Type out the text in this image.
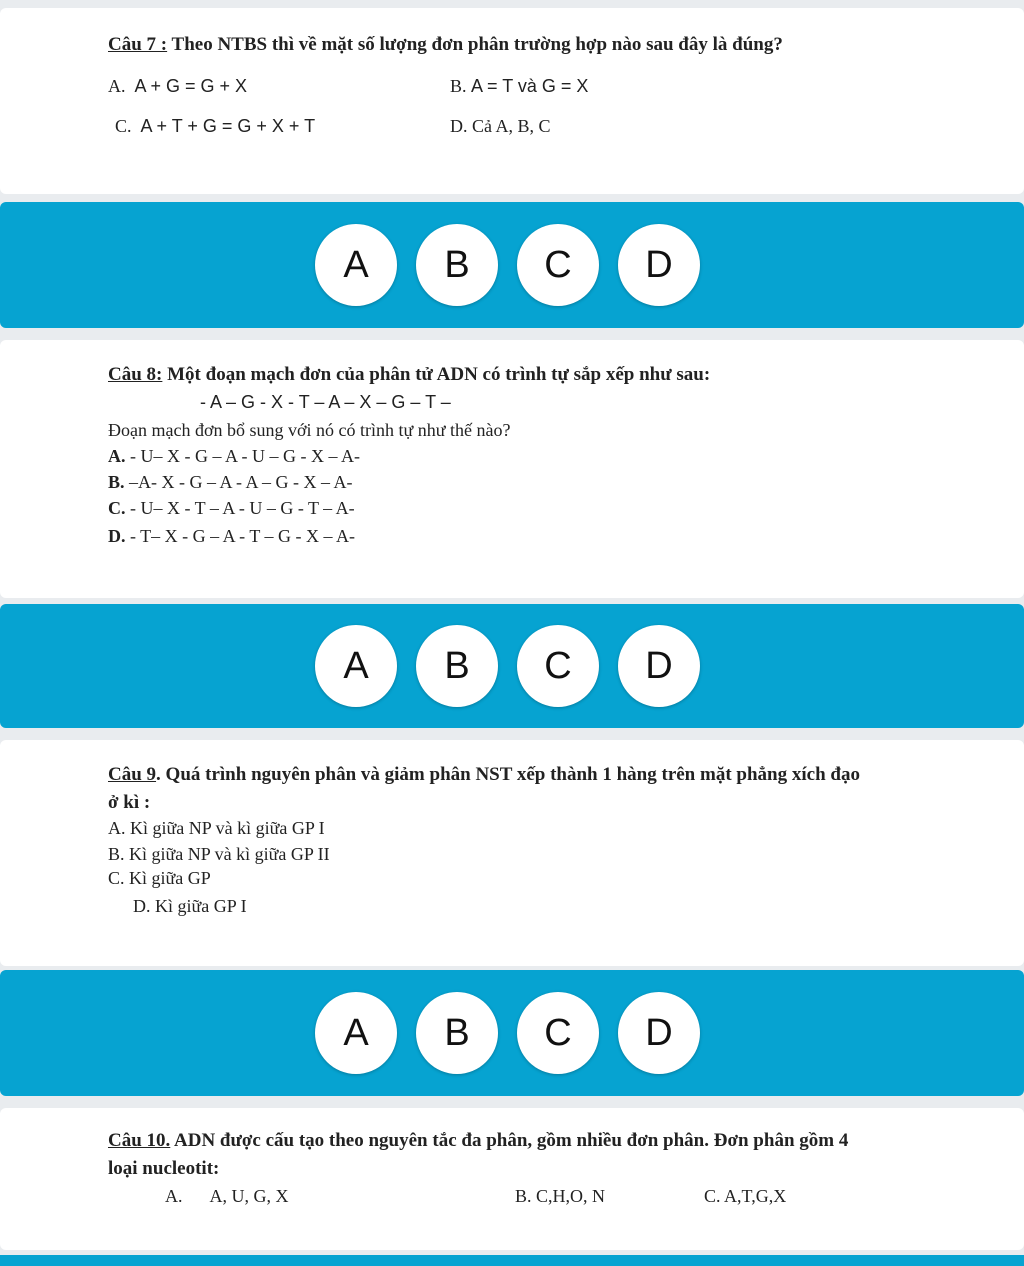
Câu 7 : Theo NTBS thì về mặt số lượng đơn phân trường hợp nào sau đây là đúng?
A. A + G = G + X	B. A = T và G = X
C. A + T + G = G + X + T	D. Cả A, B, C
A	B	C	D
Câu 8: Một đoạn mạch đơn của phân tử ADN có trình tự sắp xếp như sau:
- A – G - X - T – A – X – G – T –
Đoạn mạch đơn bổ sung với nó có trình tự như thế nào?
A. - U– X - G – A - U – G - X – A-
B. –A- X - G – A - A – G - X – A-
C. - U– X - T – A - U – G - T – A-
D. - T– X - G – A - T – G - X – A-
A	B	C	D
Câu 9. Quá trình nguyên phân và giảm phân NST xếp thành 1 hàng trên mặt phẳng xích đạo
ở kì :
A. Kì giữa NP và kì giữa GP I
B. Kì giữa NP và kì giữa GP II
C. Kì giữa GP
D. Kì giữa GP I
A	B	C	D
Câu 10. ADN được cấu tạo theo nguyên tắc đa phân, gồm nhiều đơn phân. Đơn phân gồm 4
loại nucleotit:
A. A, U, G, X	B. C,H,O, N	C. A,T,G,X
